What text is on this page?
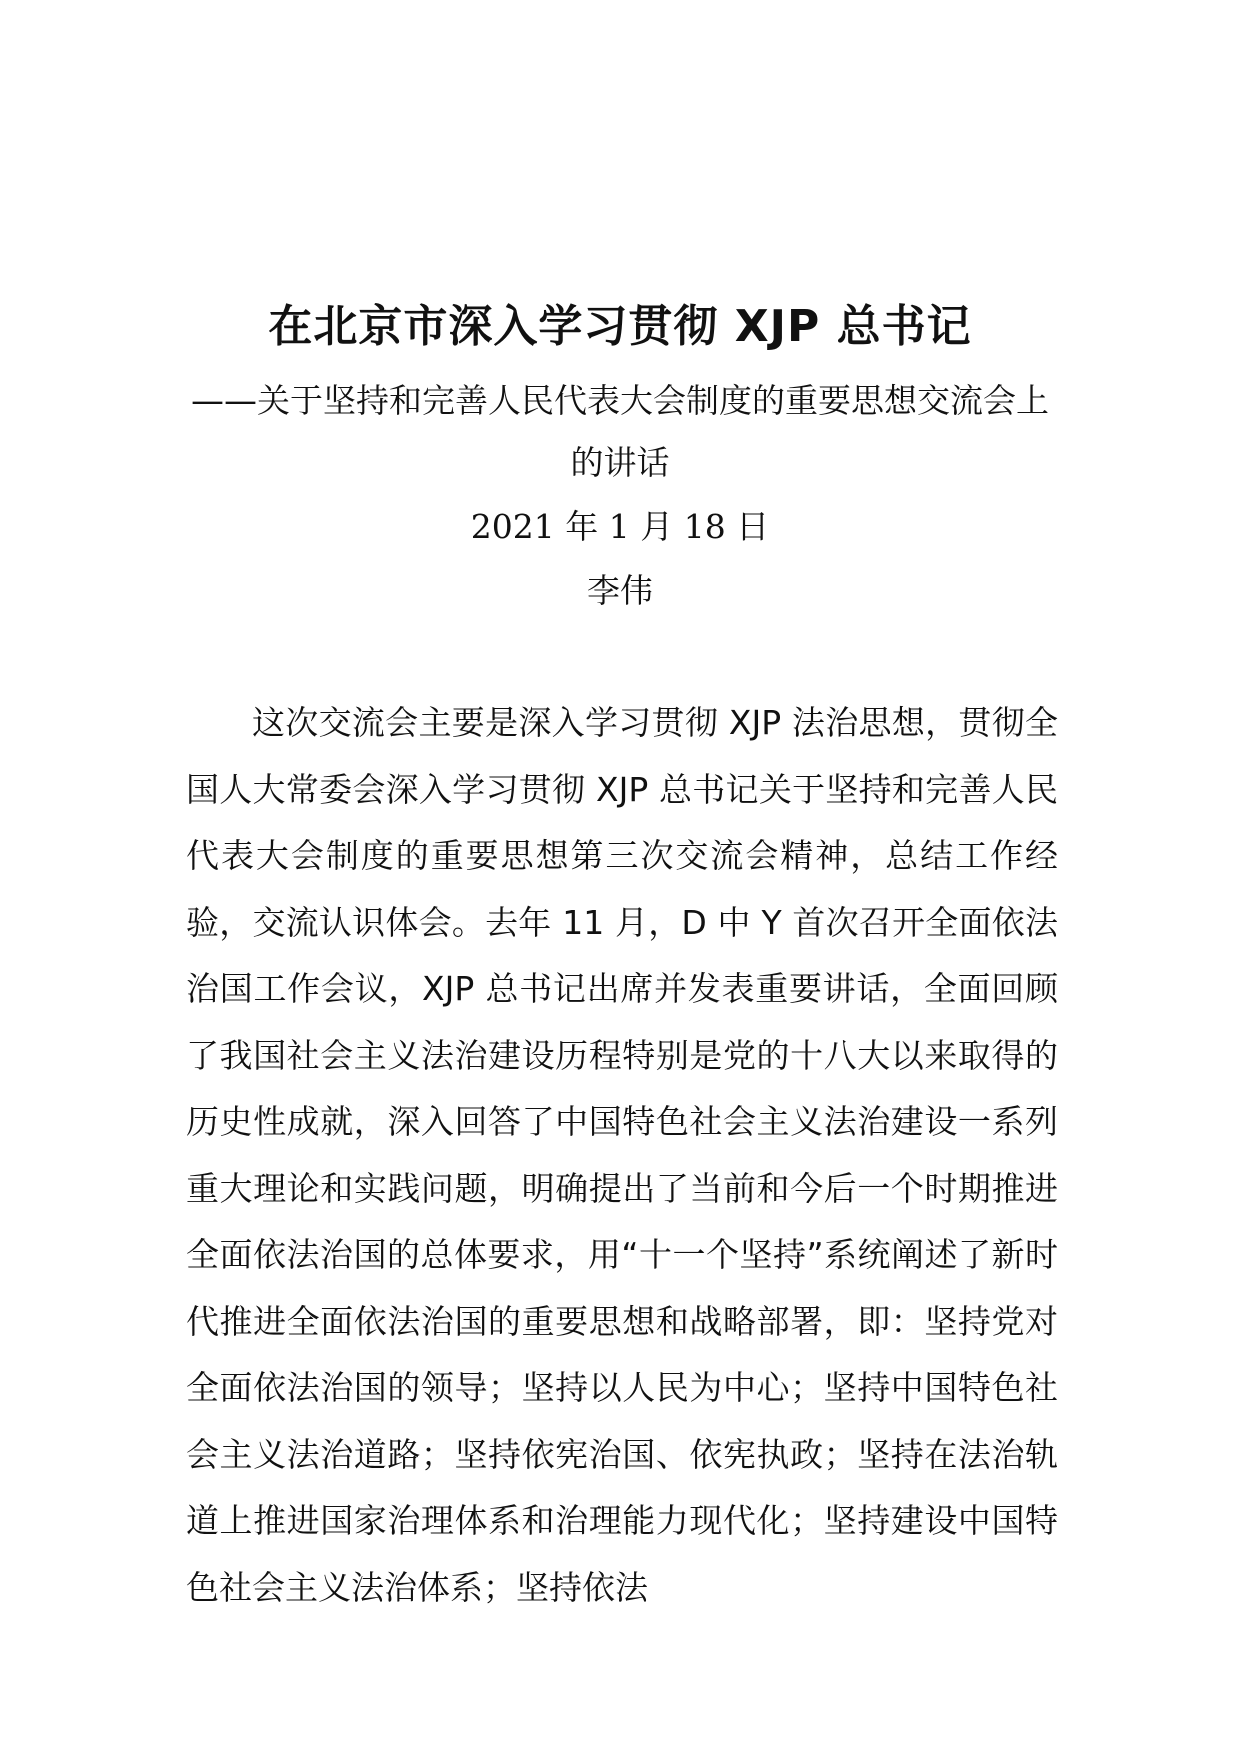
在北京市深入学习贯彻 XJP 总书记
——关于坚持和完善人民代表大会制度的重要思想交流会上的讲话
2021 年 1 月 18 日
李伟
这次交流会主要是深入学习贯彻 XJP 法治思想，贯彻全国人大常委会深入学习贯彻 XJP 总书记关于坚持和完善人民代表大会制度的重要思想第三次交流会精神，总结工作经验，交流认识体会。去年 11 月，D 中 Y 首次召开全面依法治国工作会议，XJP 总书记出席并发表重要讲话，全面回顾了我国社会主义法治建设历程特别是党的十八大以来取得的历史性成就，深入回答了中国特色社会主义法治建设一系列重大理论和实践问题，明确提出了当前和今后一个时期推进全面依法治国的总体要求，用“十一个坚持”系统阐述了新时代推进全面依法治国的重要思想和战略部署，即：坚持党对全面依法治国的领导；坚持以人民为中心；坚持中国特色社会主义法治道路；坚持依宪治国、依宪执政；坚持在法治轨道上推进国家治理体系和治理能力现代化；坚持建设中国特色社会主义法治体系；坚持依法
